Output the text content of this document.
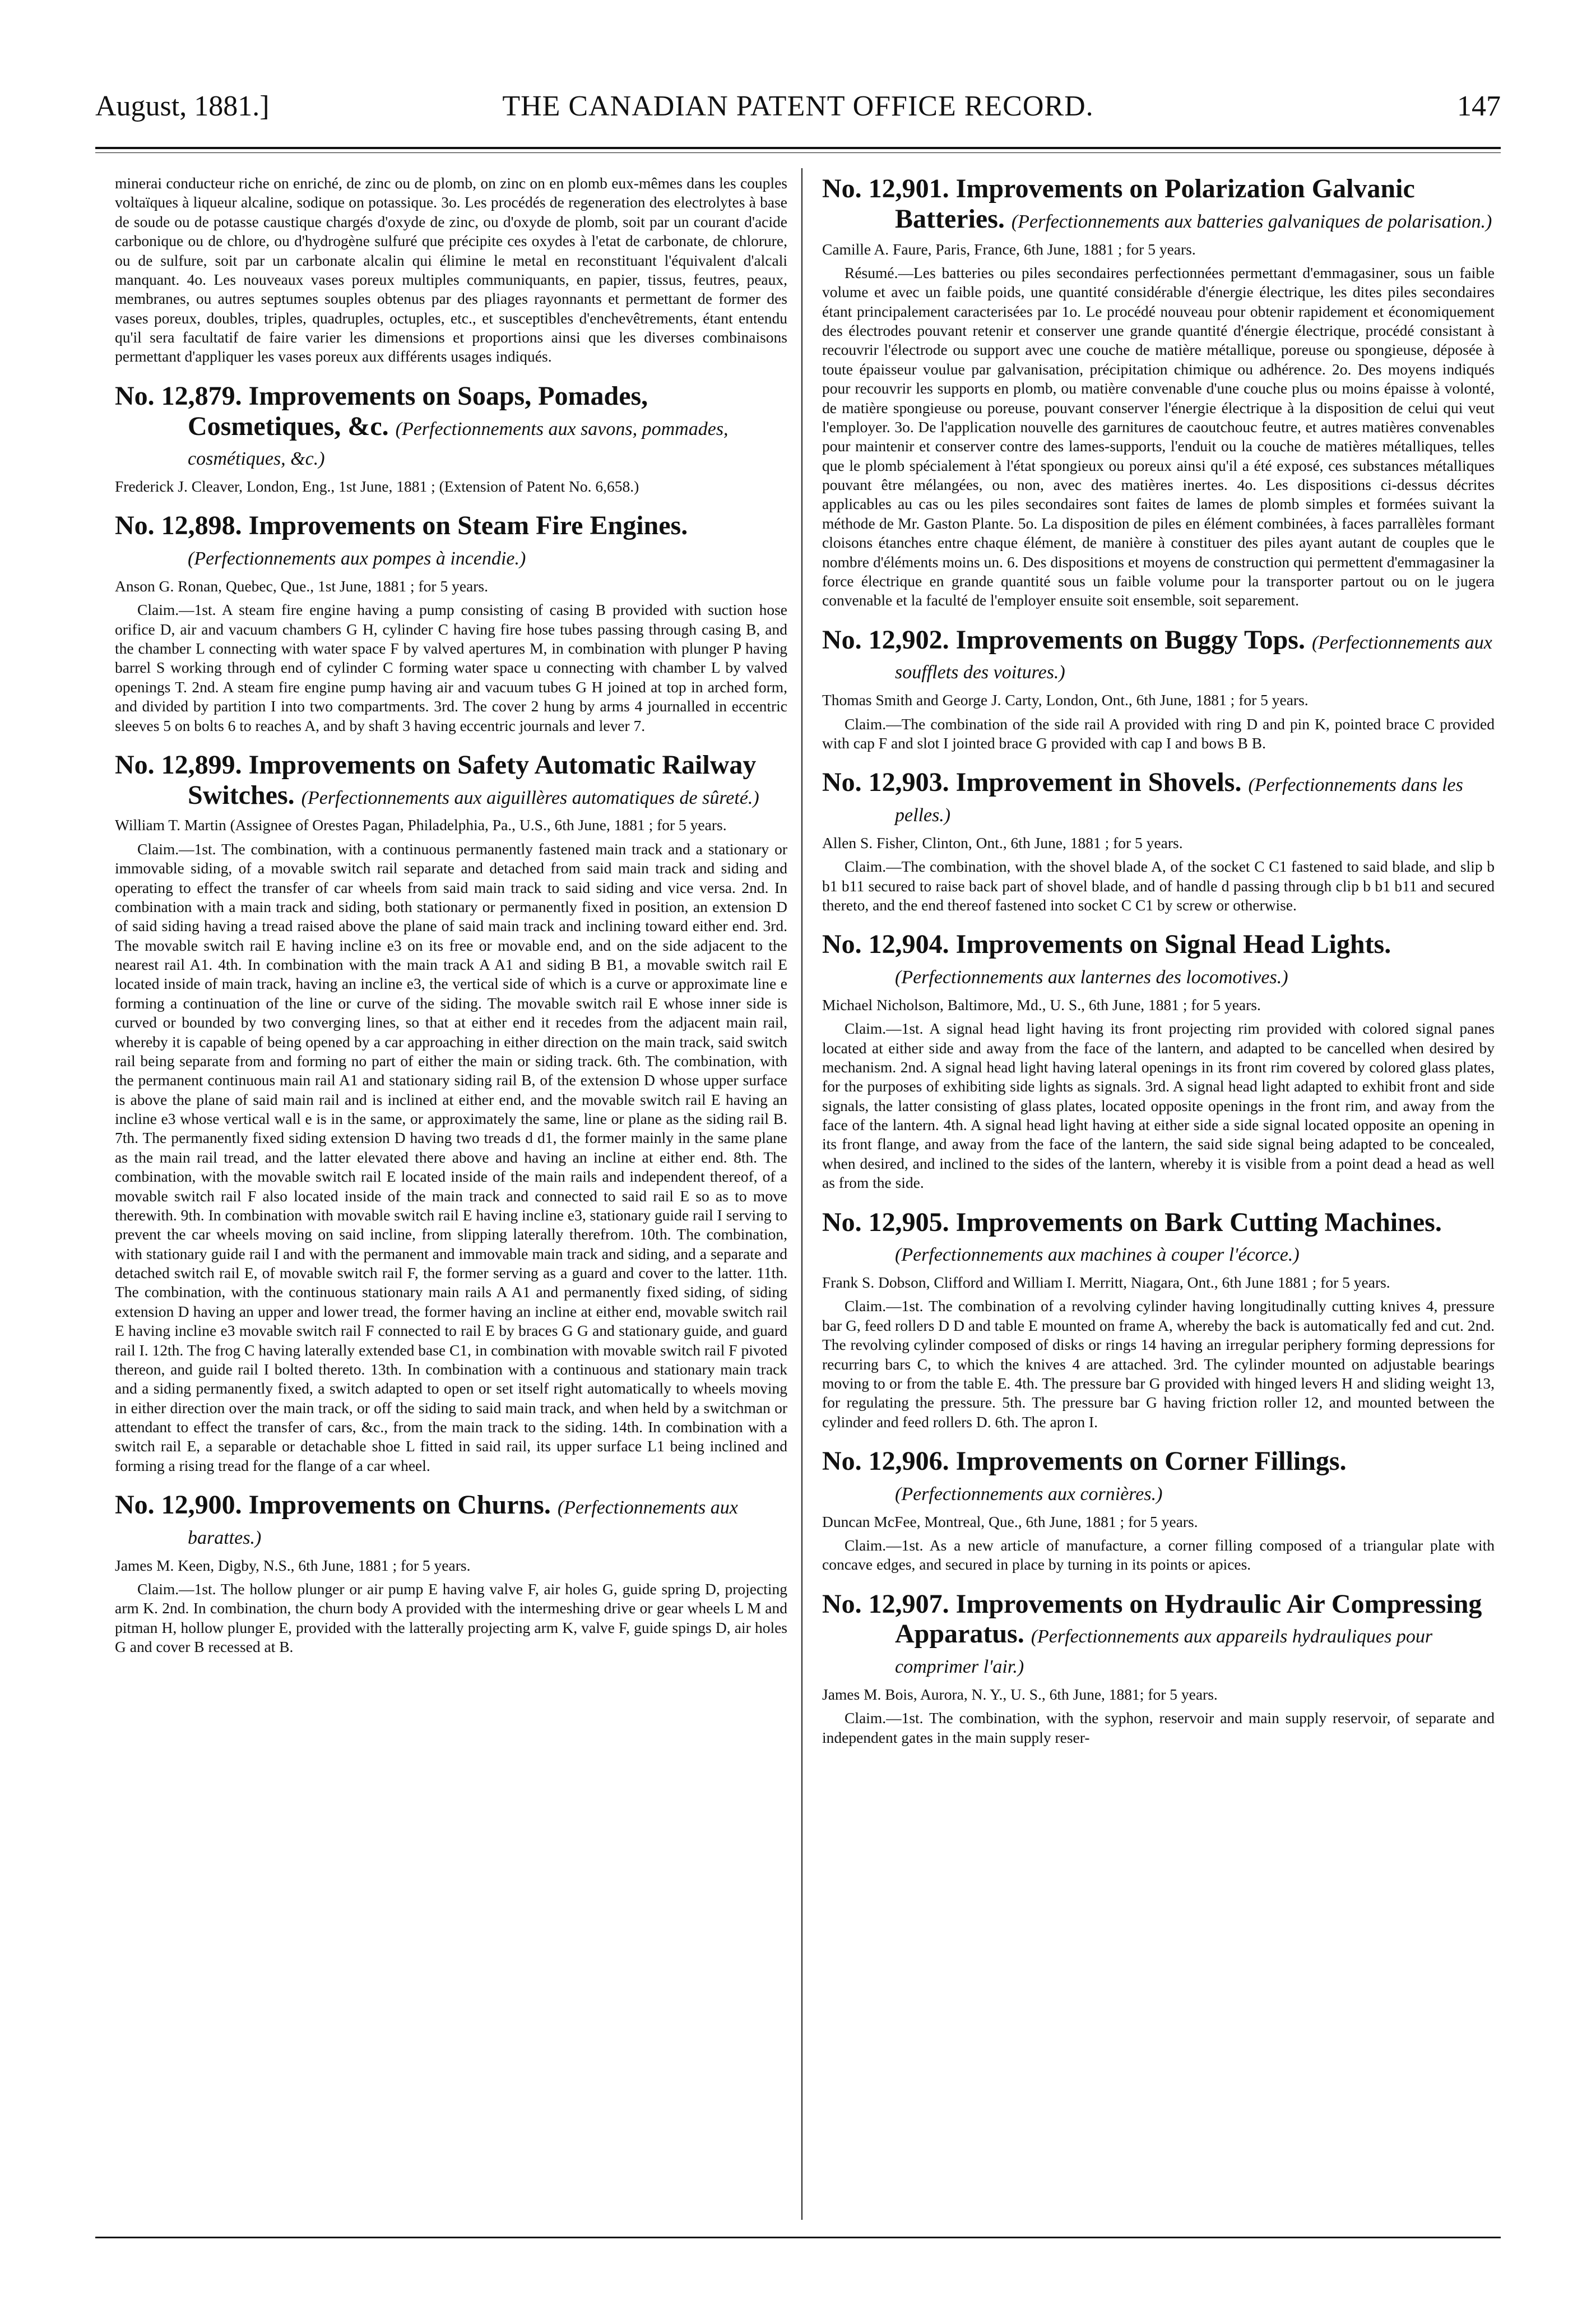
August, 1881.]	THE CANADIAN PATENT OFFICE RECORD.	147

minerai conducteur riche on enriché, de zinc ou de plomb, on zinc on en plomb eux-mêmes dans les couples voltaïques à liqueur alcaline, sodique on potassique. 3o. Les procédés de regeneration des electrolytes à base de soude ou de potasse caustique chargés d'oxyde de zinc, ou d'oxyde de plomb, soit par un courant d'acide carbonique ou de chlore, ou d'hydrogène sulfuré que précipite ces oxydes à l'etat de carbonate, de chlorure, ou de sulfure, soit par un carbonate alcalin qui élimine le metal en reconstituant l'équivalent d'alcali manquant. 4o. Les nouveaux vases poreux multiples communiquants, en papier, tissus, feutres, peaux, membranes, ou autres septumes souples obtenus par des pliages rayonnants et permettant de former des vases poreux, doubles, triples, quadruples, octuples, etc., et susceptibles d'enchevêtrements, étant entendu qu'il sera facultatif de faire varier les dimensions et proportions ainsi que les diverses combinaisons permettant d'appliquer les vases poreux aux différents usages indiqués.

No. 12,879. Improvements on Soaps, Pomades, Cosmetiques, &c. (Perfectionnements aux savons, pommades, cosmétiques, &c.)

Frederick J. Cleaver, London, Eng., 1st June, 1881 ; (Extension of Patent No. 6,658.)

No. 12,898. Improvements on Steam Fire Engines. (Perfectionnements aux pompes à incendie.)

Anson G. Ronan, Quebec, Que., 1st June, 1881 ; for 5 years.

Claim.—1st. A steam fire engine having a pump consisting of casing B provided with suction hose orifice D, air and vacuum chambers G H, cylinder C having fire hose tubes passing through casing B, and the chamber L connecting with water space F by valved apertures M, in combination with plunger P having barrel S working through end of cylinder C forming water space u connecting with chamber L by valved openings T. 2nd. A steam fire engine pump having air and vacuum tubes G H joined at top in arched form, and divided by partition I into two compartments. 3rd. The cover 2 hung by arms 4 journalled in eccentric sleeves 5 on bolts 6 to reaches A, and by shaft 3 having eccentric journals and lever 7.

No. 12,899. Improvements on Safety Automatic Railway Switches. (Perfectionnements aux aiguillères automatiques de sûreté.)

William T. Martin (Assignee of Orestes Pagan, Philadelphia, Pa., U.S., 6th June, 1881 ; for 5 years.

Claim.—1st. The combination, with a continuous permanently fastened main track and a stationary or immovable siding, of a movable switch rail separate and detached from said main track and siding and operating to effect the transfer of car wheels from said main track to said siding and vice versa. 2nd. In combination with a main track and siding, both stationary or permanently fixed in position, an extension D of said siding having a tread raised above the plane of said main track and inclining toward either end. 3rd. The movable switch rail E having incline e3 on its free or movable end, and on the side adjacent to the nearest rail A1. 4th. In combination with the main track A A1 and siding B B1, a movable switch rail E located inside of main track, having an incline e3, the vertical side of which is a curve or approximate line e forming a continuation of the line or curve of the siding. The movable switch rail E whose inner side is curved or bounded by two converging lines, so that at either end it recedes from the adjacent main rail, whereby it is capable of being opened by a car approaching in either direction on the main track, said switch rail being separate from and forming no part of either the main or siding track. 6th. The combination, with the permanent continuous main rail A1 and stationary siding rail B, of the extension D whose upper surface is above the plane of said main rail and is inclined at either end, and the movable switch rail E having an incline e3 whose vertical wall e is in the same, or approximately the same, line or plane as the siding rail B. 7th. The permanently fixed siding extension D having two treads d d1, the former mainly in the same plane as the main rail tread, and the latter elevated there above and having an incline at either end. 8th. The combination, with the movable switch rail E located inside of the main rails and independent thereof, of a movable switch rail F also located inside of the main track and connected to said rail E so as to move therewith. 9th. In combination with movable switch rail E having incline e3, stationary guide rail I serving to prevent the car wheels moving on said incline, from slipping laterally therefrom. 10th. The combination, with stationary guide rail I and with the permanent and immovable main track and siding, and a separate and detached switch rail E, of movable switch rail F, the former serving as a guard and cover to the latter. 11th. The combination, with the continuous stationary main rails A A1 and permanently fixed siding, of siding extension D having an upper and lower tread, the former having an incline at either end, movable switch rail E having incline e3 movable switch rail F connected to rail E by braces G G and stationary guide, and guard rail I. 12th. The frog C having laterally extended base C1, in combination with movable switch rail F pivoted thereon, and guide rail I bolted thereto. 13th. In combination with a continuous and stationary main track and a siding permanently fixed, a switch adapted to open or set itself right automatically to wheels moving in either direction over the main track, or off the siding to said main track, and when held by a switchman or attendant to effect the transfer of cars, &c., from the main track to the siding. 14th. In combination with a switch rail E, a separable or detachable shoe L fitted in said rail, its upper surface L1 being inclined and forming a rising tread for the flange of a car wheel.

No. 12,900. Improvements on Churns. (Perfectionnements aux barattes.)

James M. Keen, Digby, N.S., 6th June, 1881 ; for 5 years.

Claim.—1st. The hollow plunger or air pump E having valve F, air holes G, guide spring D, projecting arm K. 2nd. In combination, the churn body A provided with the intermeshing drive or gear wheels L M and pitman H, hollow plunger E, provided with the latterally projecting arm K, valve F, guide spings D, air holes G and cover B recessed at B.

No. 12,901. Improvements on Polarization Galvanic Batteries. (Perfectionnements aux batteries galvaniques de polarisation.)

Camille A. Faure, Paris, France, 6th June, 1881 ; for 5 years.

Résumé.—Les batteries ou piles secondaires perfectionnées permettant d'emmagasiner, sous un faible volume et avec un faible poids, une quantité considérable d'énergie électrique, les dites piles secondaires étant principalement caracterisées par 1o. Le procédé nouveau pour obtenir rapidement et économiquement des électrodes pouvant retenir et conserver une grande quantité d'énergie électrique, procédé consistant à recouvrir l'électrode ou support avec une couche de matière métallique, poreuse ou spongieuse, déposée à toute épaisseur voulue par galvanisation, précipitation chimique ou adhérence. 2o. Des moyens indiqués pour recouvrir les supports en plomb, ou matière convenable d'une couche plus ou moins épaisse à volonté, de matière spongieuse ou poreuse, pouvant conserver l'énergie électrique à la disposition de celui qui veut l'employer. 3o. De l'application nouvelle des garnitures de caoutchouc feutre, et autres matières convenables pour maintenir et conserver contre des lames-supports, l'enduit ou la couche de matières métalliques, telles que le plomb spécialement à l'état spongieux ou poreux ainsi qu'il a été exposé, ces substances métalliques pouvant être mélangées, ou non, avec des matières inertes. 4o. Les dispositions ci-dessus décrites applicables au cas ou les piles secondaires sont faites de lames de plomb simples et formées suivant la méthode de Mr. Gaston Plante. 5o. La disposition de piles en élément combinées, à faces parrallèles formant cloisons étanches entre chaque élément, de manière à constituer des piles ayant autant de couples que le nombre d'éléments moins un. 6. Des dispositions et moyens de construction qui permettent d'emmagasiner la force électrique en grande quantité sous un faible volume pour la transporter partout ou on le jugera convenable et la faculté de l'employer ensuite soit ensemble, soit separement.

No. 12,902. Improvements on Buggy Tops. (Perfectionnements aux soufflets des voitures.)

Thomas Smith and George J. Carty, London, Ont., 6th June, 1881 ; for 5 years.

Claim.—The combination of the side rail A provided with ring D and pin K, pointed brace C provided with cap F and slot I jointed brace G provided with cap I and bows B B.

No. 12,903. Improvement in Shovels. (Perfectionnements dans les pelles.)

Allen S. Fisher, Clinton, Ont., 6th June, 1881 ; for 5 years.

Claim.—The combination, with the shovel blade A, of the socket C C1 fastened to said blade, and slip b b1 b11 secured to raise back part of shovel blade, and of handle d passing through clip b b1 b11 and secured thereto, and the end thereof fastened into socket C C1 by screw or otherwise.

No. 12,904. Improvements on Signal Head Lights. (Perfectionnements aux lanternes des locomotives.)

Michael Nicholson, Baltimore, Md., U. S., 6th June, 1881 ; for 5 years.

Claim.—1st. A signal head light having its front projecting rim provided with colored signal panes located at either side and away from the face of the lantern, and adapted to be cancelled when desired by mechanism. 2nd. A signal head light having lateral openings in its front rim covered by colored glass plates, for the purposes of exhibiting side lights as signals. 3rd. A signal head light adapted to exhibit front and side signals, the latter consisting of glass plates, located opposite openings in the front rim, and away from the face of the lantern. 4th. A signal head light having at either side a side signal located opposite an opening in its front flange, and away from the face of the lantern, the said side signal being adapted to be concealed, when desired, and inclined to the sides of the lantern, whereby it is visible from a point dead a head as well as from the side.

No. 12,905. Improvements on Bark Cutting Machines. (Perfectionnements aux machines à couper l'écorce.)

Frank S. Dobson, Clifford and William I. Merritt, Niagara, Ont., 6th June 1881 ; for 5 years.

Claim.—1st. The combination of a revolving cylinder having longitudinally cutting knives 4, pressure bar G, feed rollers D D and table E mounted on frame A, whereby the back is automatically fed and cut. 2nd. The revolving cylinder composed of disks or rings 14 having an irregular periphery forming depressions for recurring bars C, to which the knives 4 are attached. 3rd. The cylinder mounted on adjustable bearings moving to or from the table E. 4th. The pressure bar G provided with hinged levers H and sliding weight 13, for regulating the pressure. 5th. The pressure bar G having friction roller 12, and mounted between the cylinder and feed rollers D. 6th. The apron I.

No. 12,906. Improvements on Corner Fillings. (Perfectionnements aux cornières.)

Duncan McFee, Montreal, Que., 6th June, 1881 ; for 5 years.

Claim.—1st. As a new article of manufacture, a corner filling composed of a triangular plate with concave edges, and secured in place by turning in its points or apices.

No. 12,907. Improvements on Hydraulic Air Compressing Apparatus. (Perfectionnements aux appareils hydrauliques pour comprimer l'air.)

James M. Bois, Aurora, N. Y., U. S., 6th June, 1881; for 5 years.

Claim.—1st. The combination, with the syphon, reservoir and main supply reservoir, of separate and independent gates in the main supply reser-
